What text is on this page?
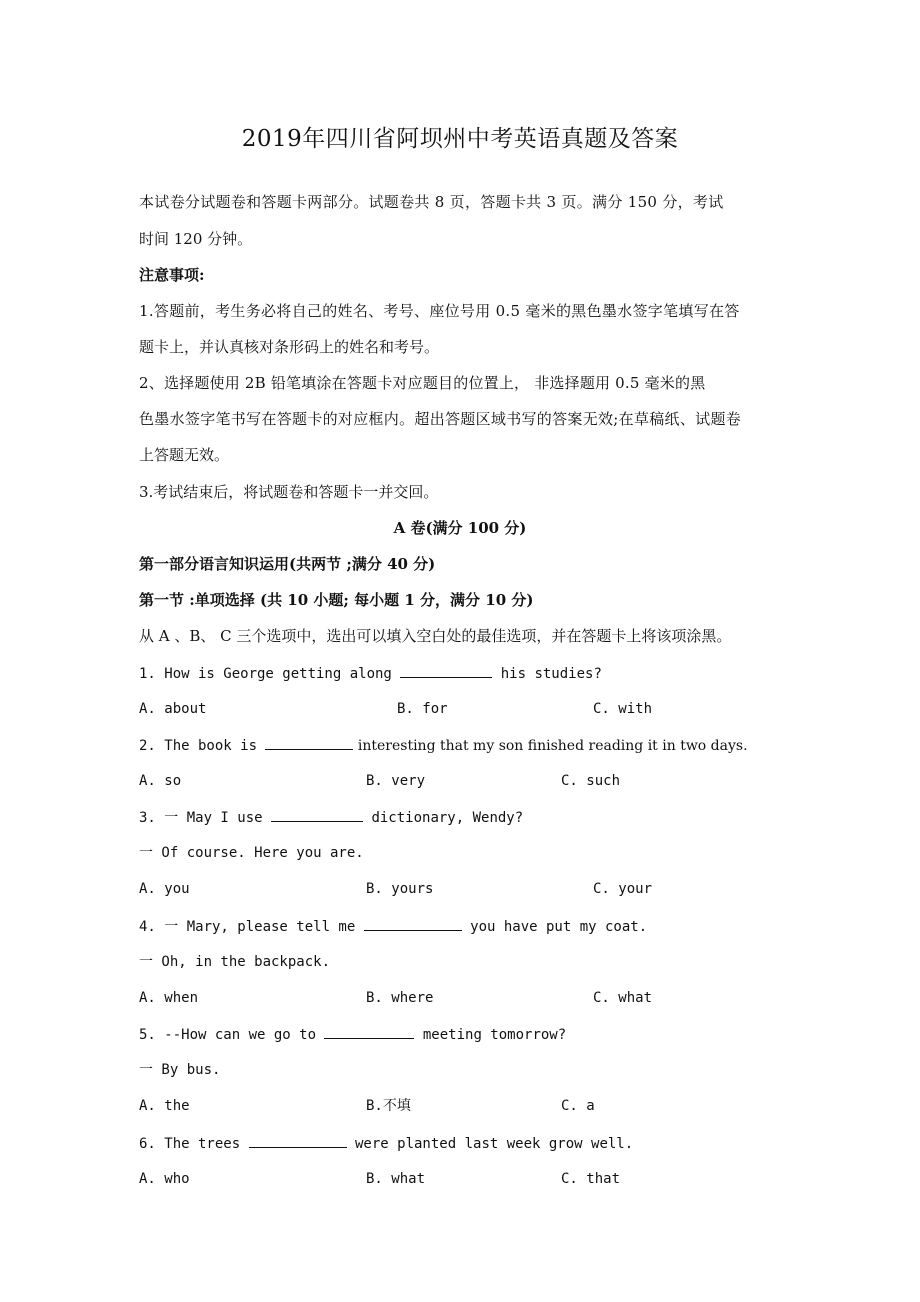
2019年四川省阿坝州中考英语真题及答案
本试卷分试题卷和答题卡两部分。试题卷共 8 页，答题卡共 3 页。满分 150 分，考试
时间 120 分钟。
注意事项:
1.答题前，考生务必将自己的姓名、考号、座位号用 0.5 毫米的黑色墨水签字笔填写在答
题卡上，并认真核对条形码上的姓名和考号。
2、选择题使用 2B 铅笔填涂在答题卡对应题目的位置上， 非选择题用 0.5 毫米的黑
色墨水签字笔书写在答题卡的对应框内。超出答题区域书写的答案无效;在草稿纸、试题卷
上答题无效。
3.考试结束后，将试题卷和答题卡一并交回。
A 卷(满分 100 分)
第一部分语言知识运用(共两节 ;满分 40 分)
第一节 :单项选择 (共 10 小题; 每小题 1 分，满分 10 分)
从 A 、B、 C 三个选项中，选出可以填入空白处的最佳选项，并在答题卡上将该项涂黑。
1. How is George getting along	his studies?
A. about	B. for	C. with
2. The book is	interesting that my son finished reading it in two days.
A. so	B. very	C. such
3. 一 May I use	dictionary, Wendy?
一 Of course. Here you are.
A. you	B. yours	C. your
4. 一 Mary, please tell me	you have put my coat.
一 Oh, in the backpack.
A. when	B. where	C. what
5. --How can we go to	meeting tomorrow?
一 By bus.
A. the	B.不填	C. a
6. The trees	were planted last week grow well.
A. who	B. what	C. that
